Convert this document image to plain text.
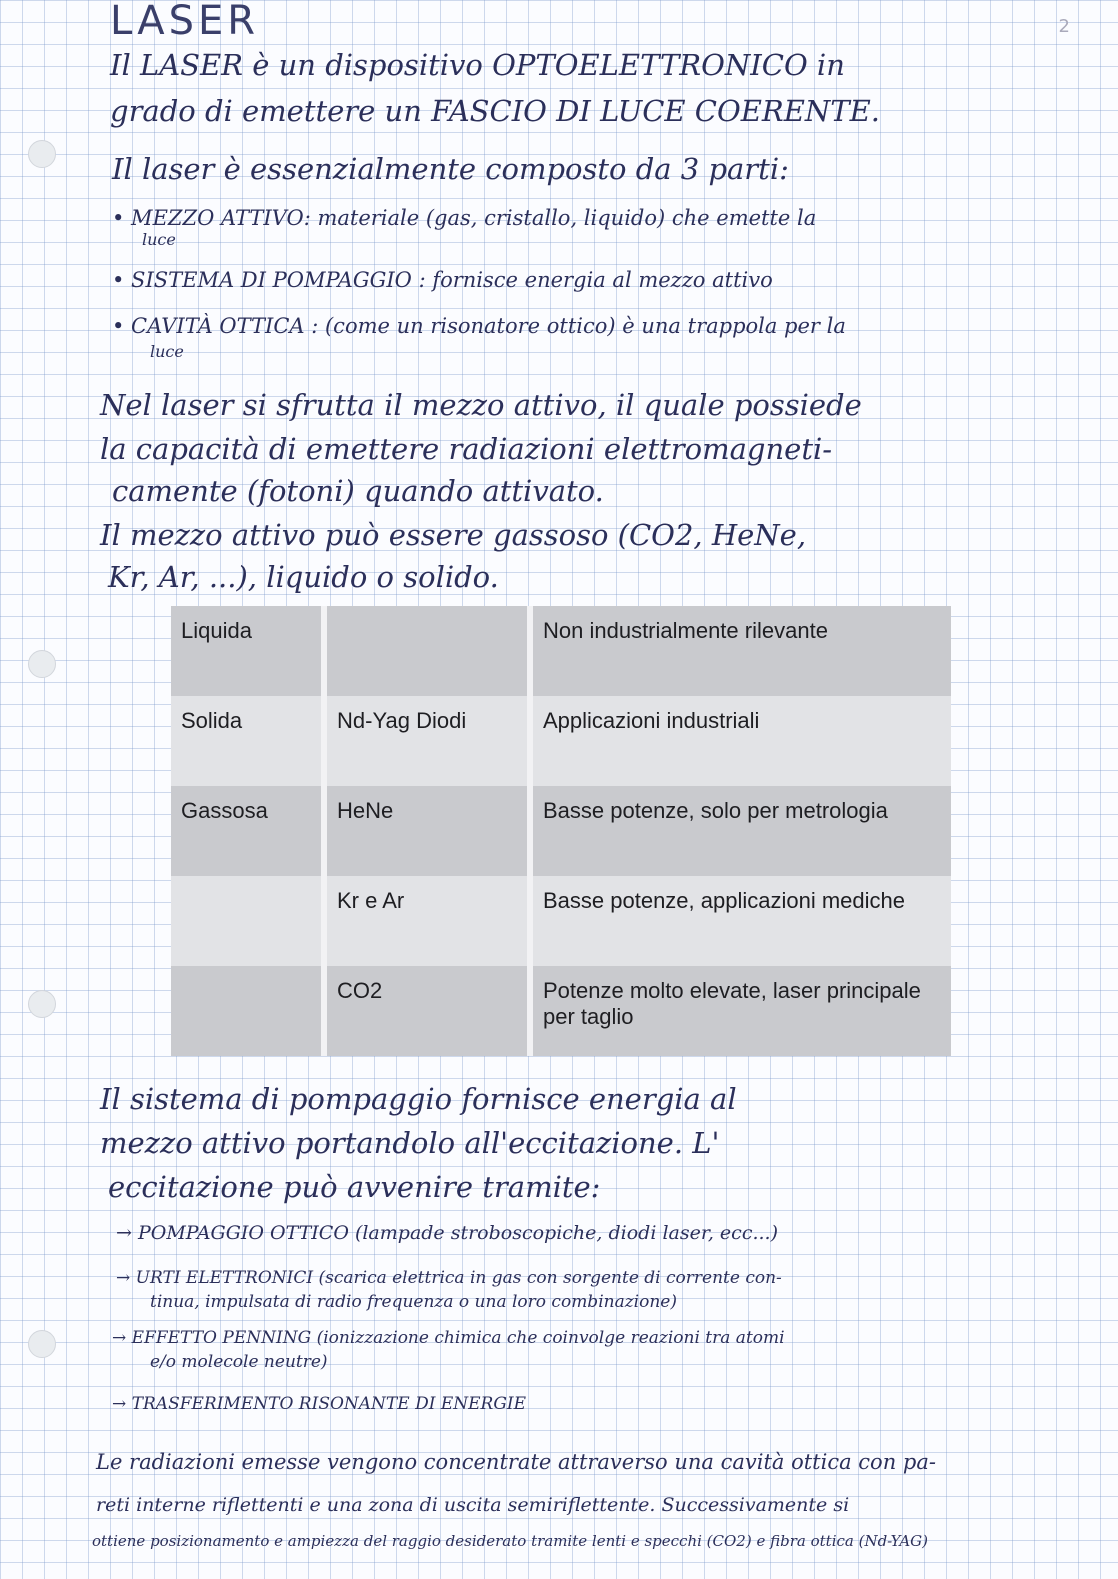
2
LASER
Il LASER è un dispositivo OPTOELETTRONICO in
grado di emettere un FASCIO DI LUCE COERENTE.
Il laser è essenzialmente composto da 3 parti:
• MEZZO ATTIVO: materiale (gas, cristallo, liquido) che emette la
luce
• SISTEMA DI POMPAGGIO : fornisce energia al mezzo attivo
• CAVITÀ OTTICA : (come un risonatore ottico) è una trappola per la
luce
Nel laser si sfrutta il mezzo attivo, il quale possiede
la capacità di emettere radiazioni elettromagneti-
camente (fotoni) quando attivato.
Il mezzo attivo può essere gassoso (CO2, HeNe,
Kr, Ar, ...), liquido o solido.
Liquida		Non industrialmente rilevante
Solida	Nd-Yag Diodi	Applicazioni industriali
Gassosa	HeNe	Basse potenze, solo per metrologia
	Kr e Ar	Basse potenze, applicazioni mediche
	CO2	Potenze molto elevate, laser principale per taglio
Il sistema di pompaggio fornisce energia al
mezzo attivo portandolo all'eccitazione. L'
eccitazione può avvenire tramite:
→ POMPAGGIO OTTICO (lampade stroboscopiche, diodi laser, ecc...)
→ URTI ELETTRONICI (scarica elettrica in gas con sorgente di corrente con-
tinua, impulsata di radio frequenza o una loro combinazione)
→ EFFETTO PENNING (ionizzazione chimica che coinvolge reazioni tra atomi
e/o molecole neutre)
→ TRASFERIMENTO RISONANTE DI ENERGIE
Le radiazioni emesse vengono concentrate attraverso una cavità ottica con pa-
reti interne riflettenti e una zona di uscita semiriflettente. Successivamente si
ottiene posizionamento e ampiezza del raggio desiderato tramite lenti e specchi (CO2) e fibra ottica (Nd-YAG)
